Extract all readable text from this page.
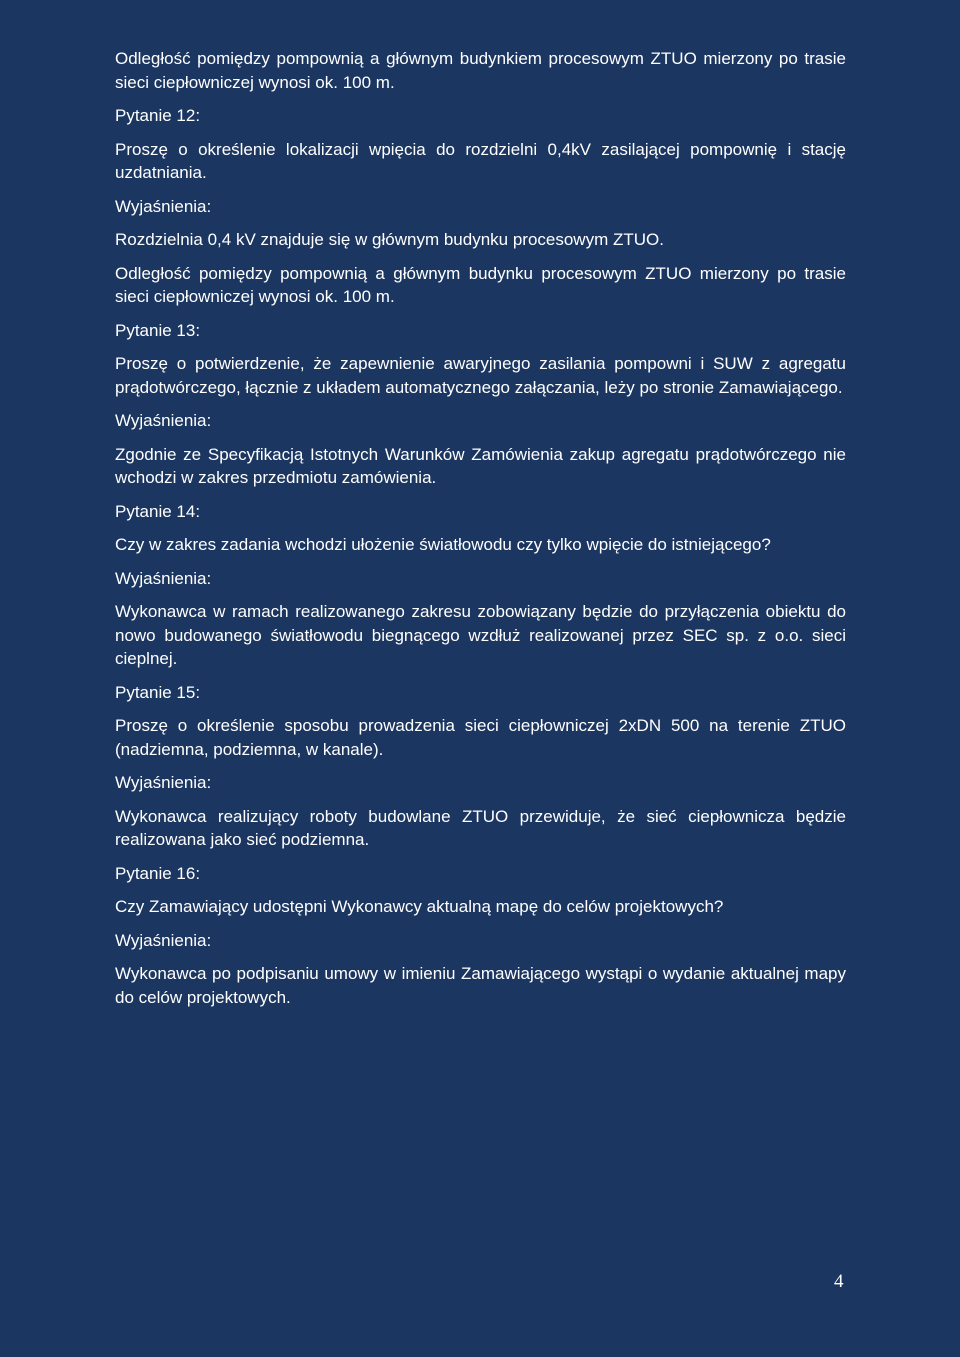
Odległość pomiędzy pompownią a głównym budynkiem procesowym ZTUO mierzony po trasie sieci ciepłowniczej wynosi ok. 100 m.

Pytanie 12:

Proszę o określenie lokalizacji wpięcia do rozdzielni 0,4kV zasilającej pompownię i stację uzdatniania.

Wyjaśnienia:

Rozdzielnia 0,4 kV znajduje się w głównym budynku procesowym ZTUO.

Odległość pomiędzy pompownią a głównym budynku procesowym ZTUO mierzony po trasie sieci ciepłowniczej wynosi ok. 100 m.

Pytanie 13:

Proszę o potwierdzenie, że zapewnienie awaryjnego zasilania pompowni i SUW z agregatu prądotwórczego, łącznie z układem automatycznego załączania, leży po stronie Zamawiającego.

Wyjaśnienia:

Zgodnie ze Specyfikacją Istotnych Warunków Zamówienia zakup agregatu prądotwórczego nie wchodzi w zakres przedmiotu zamówienia.

Pytanie 14:

Czy w zakres zadania wchodzi ułożenie światłowodu czy tylko wpięcie do istniejącego?

Wyjaśnienia:

Wykonawca w ramach realizowanego zakresu zobowiązany będzie do przyłączenia obiektu do nowo budowanego światłowodu biegnącego wzdłuż realizowanej przez SEC sp. z o.o. sieci cieplnej.

Pytanie 15:

Proszę o określenie sposobu prowadzenia sieci ciepłowniczej 2xDN 500 na terenie ZTUO (nadziemna, podziemna, w kanale).

Wyjaśnienia:

Wykonawca realizujący roboty budowlane ZTUO przewiduje, że sieć ciepłownicza będzie realizowana jako sieć podziemna.

Pytanie 16:

Czy Zamawiający udostępni Wykonawcy aktualną mapę do celów projektowych?

Wyjaśnienia:

Wykonawca po podpisaniu umowy w imieniu Zamawiającego wystąpi o wydanie aktualnej mapy do celów projektowych.

4
